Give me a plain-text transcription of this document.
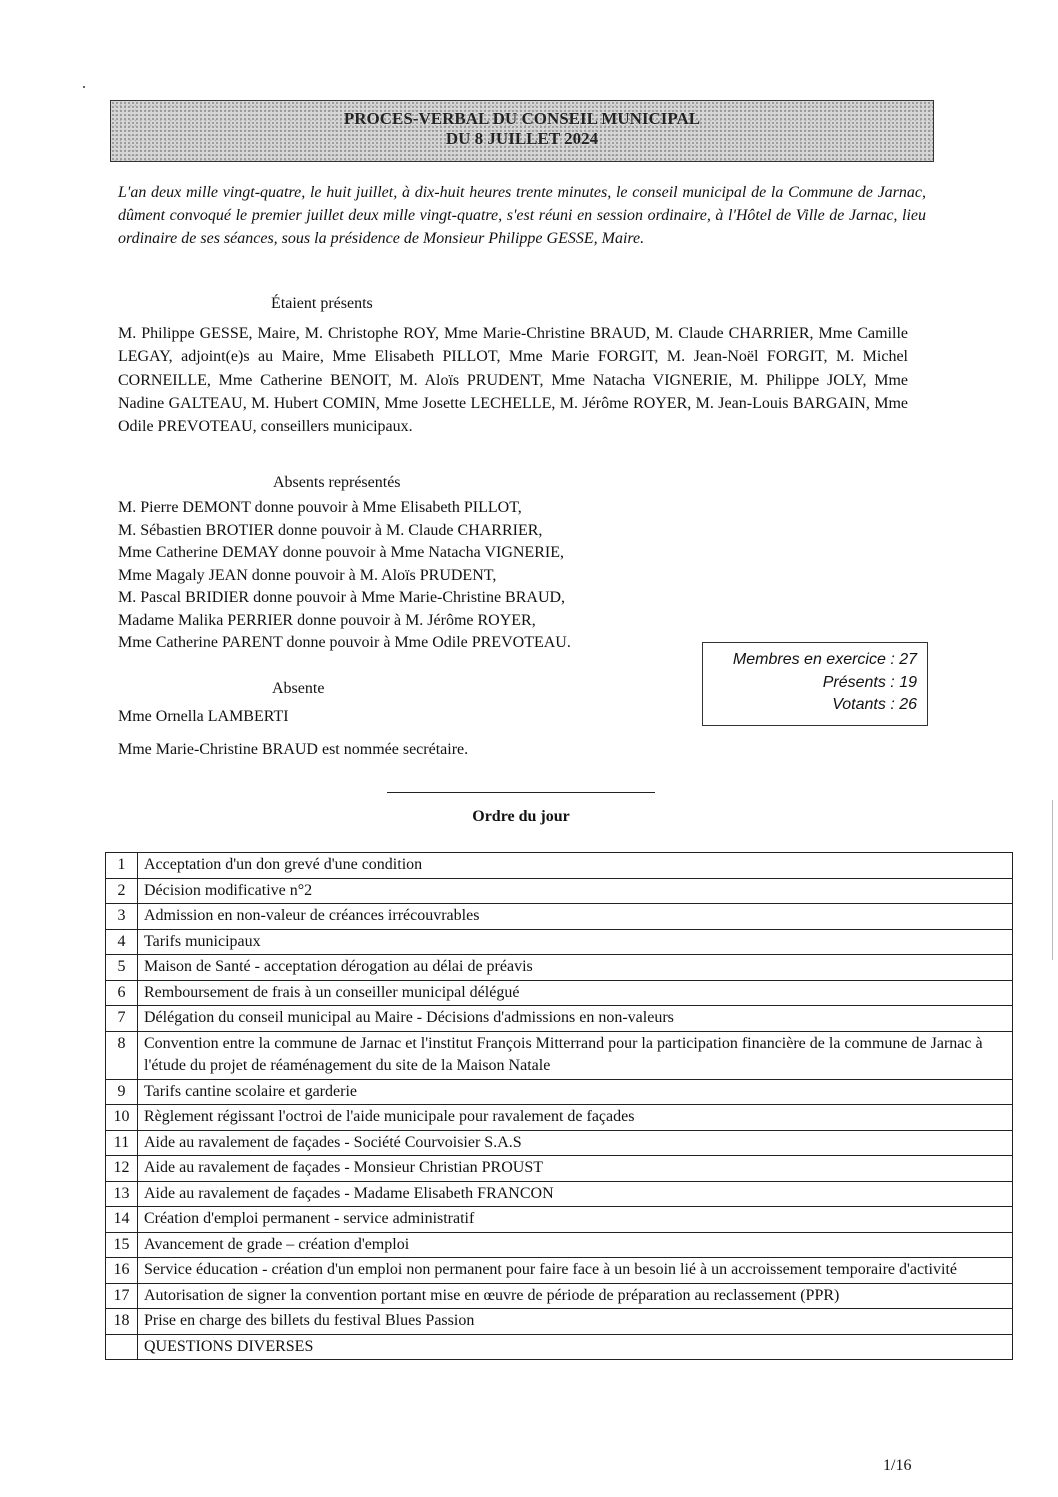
PROCES-VERBAL DU CONSEIL MUNICIPAL
DU 8 JUILLET 2024
L'an deux mille vingt-quatre, le huit juillet, à dix-huit heures trente minutes, le conseil municipal de la Commune de Jarnac, dûment convoqué le premier juillet deux mille vingt-quatre, s'est réuni en session ordinaire, à l'Hôtel de Ville de Jarnac, lieu ordinaire de ses séances, sous la présidence de Monsieur Philippe GESSE, Maire.
Étaient présents
M. Philippe GESSE, Maire, M. Christophe ROY, Mme Marie-Christine BRAUD, M. Claude CHARRIER, Mme Camille LEGAY, adjoint(e)s au Maire, Mme Elisabeth PILLOT, Mme Marie FORGIT, M. Jean-Noël FORGIT, M. Michel CORNEILLE, Mme Catherine BENOIT, M. Aloïs PRUDENT, Mme Natacha VIGNERIE, M. Philippe JOLY, Mme Nadine GALTEAU, M. Hubert COMIN, Mme Josette LECHELLE, M. Jérôme ROYER, M. Jean-Louis BARGAIN, Mme Odile PREVOTEAU, conseillers municipaux.
Absents représentés
M. Pierre DEMONT donne pouvoir à Mme Elisabeth PILLOT,
M. Sébastien BROTIER donne pouvoir à M. Claude CHARRIER,
Mme Catherine DEMAY donne pouvoir à Mme Natacha VIGNERIE,
Mme Magaly JEAN donne pouvoir à M. Aloïs PRUDENT,
M. Pascal BRIDIER donne pouvoir à Mme Marie-Christine BRAUD,
Madame Malika PERRIER donne pouvoir à M. Jérôme ROYER,
Mme Catherine PARENT donne pouvoir à Mme Odile PREVOTEAU.
Membres en exercice : 27
Présents : 19
Votants : 26
Absente
Mme Ornella LAMBERTI
Mme Marie-Christine BRAUD est nommée secrétaire.
Ordre du jour
1	Acceptation d'un don grevé d'une condition
2	Décision modificative n°2
3	Admission en non-valeur de créances irrécouvrables
4	Tarifs municipaux
5	Maison de Santé - acceptation dérogation au délai de préavis
6	Remboursement de frais à un conseiller municipal délégué
7	Délégation du conseil municipal au Maire - Décisions d'admissions en non-valeurs
8	Convention entre la commune de Jarnac et l'institut François Mitterrand pour la participation financière de la commune de Jarnac à l'étude du projet de réaménagement du site de la Maison Natale
9	Tarifs cantine scolaire et garderie
10	Règlement régissant l'octroi de l'aide municipale pour ravalement de façades
11	Aide au ravalement de façades - Société Courvoisier S.A.S
12	Aide au ravalement de façades - Monsieur Christian PROUST
13	Aide au ravalement de façades - Madame Elisabeth FRANCON
14	Création d'emploi permanent - service administratif
15	Avancement de grade – création d'emploi
16	Service éducation - création d'un emploi non permanent pour faire face à un besoin lié à un accroissement temporaire d'activité
17	Autorisation de signer la convention portant mise en œuvre de période de préparation au reclassement (PPR)
18	Prise en charge des billets du festival Blues Passion
	QUESTIONS DIVERSES
1/16
